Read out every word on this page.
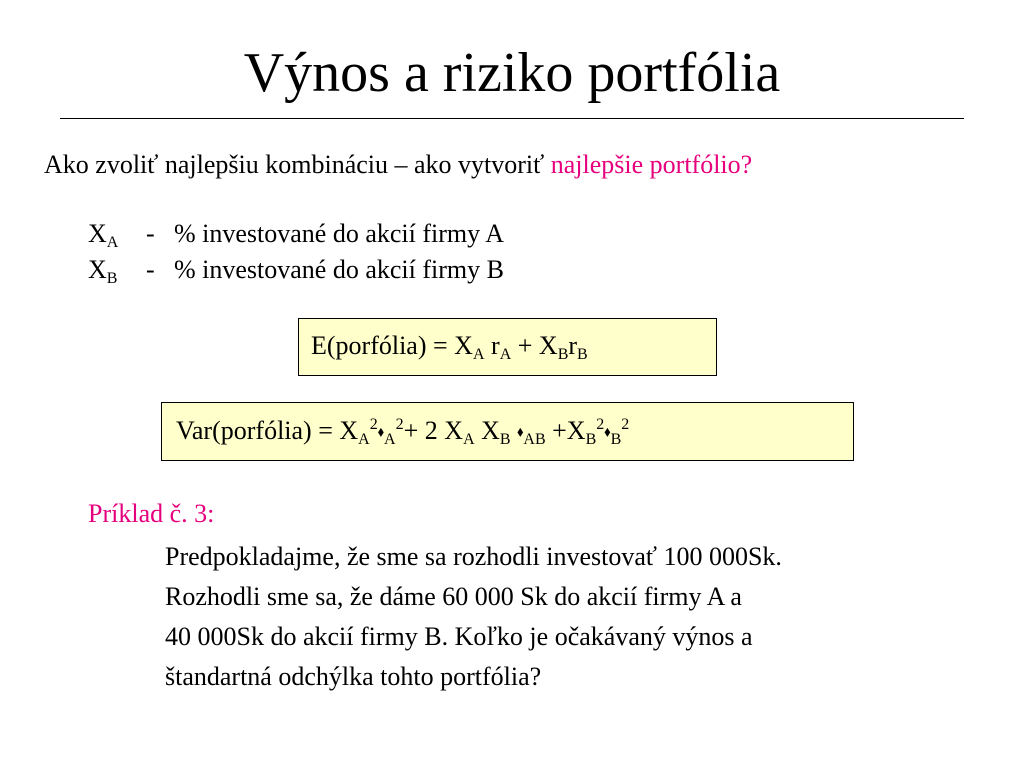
Výnos a riziko portfólia
Ako zvoliť najlepšiu kombináciu – ako vytvoriť najlepšie portfólio?
$X_A$ - % investované do akcií firmy A
$X_B$ - % investované do akcií firmy B
E(porfólia) = $X_A$ $r_A + X_Br_B$
Var(porfólia) = $X_A^2⬧_A^2+ 2$ $X_A$ $X_B$ $⬧_{AB}$ $+X_B^2⬧_B^2$
Príklad č. 3:
Predpokladajme, že sme sa rozhodli investovať 100 000Sk.
Rozhodli sme sa, že dáme 60 000 Sk do akcií firmy A a
40 000Sk do akcií firmy B. Koľko je očakávaný výnos a
štandartná odchýlka tohto portfólia?
